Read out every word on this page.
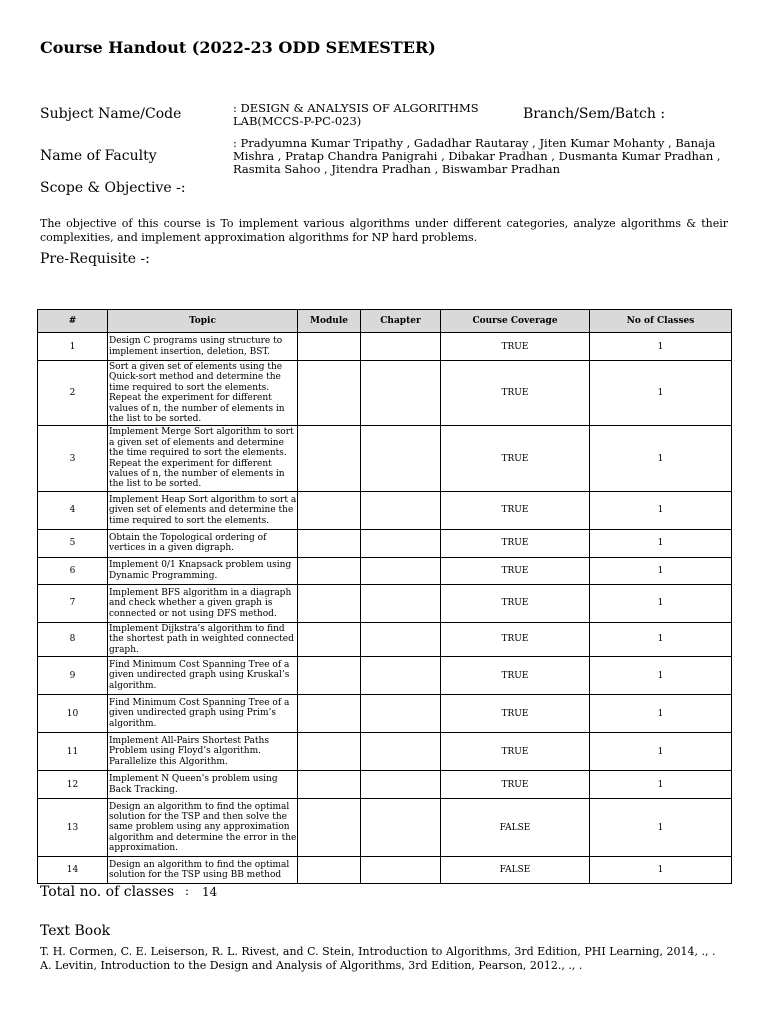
Course Handout (2022-23 ODD SEMESTER)
Subject Name/Code	: DESIGN & ANALYSIS OF ALGORITHMS LAB(MCCS-P-PC-023)	Branch/Sem/Batch :
Name of Faculty
: Pradyumna Kumar Tripathy , Gadadhar Rautaray , Jiten Kumar Mohanty , Banaja Mishra , Pratap Chandra Panigrahi , Dibakar Pradhan , Dusmanta Kumar Pradhan , Rasmita Sahoo , Jitendra Pradhan , Biswambar Pradhan
Scope & Objective -:
The objective of this course is To implement various algorithms under different categories, analyze algorithms & their complexities, and implement approximation algorithms for NP hard problems.
Pre-Requisite -:
#	Topic	Module	Chapter	Course Coverage	No of Classes
1	Design C programs using structure to implement insertion, deletion, BST.			TRUE	1
2	Sort a given set of elements using the Quick-sort method and determine the time required to sort the elements. Repeat the experiment for different values of n, the number of elements in the list to be sorted.			TRUE	1
3	Implement Merge Sort algorithm to sort a given set of elements and determine the time required to sort the elements. Repeat the experiment for different values of n, the number of elements in the list to be sorted.			TRUE	1
4	Implement Heap Sort algorithm to sort a given set of elements and determine the time required to sort the elements.			TRUE	1
5	Obtain the Topological ordering of vertices in a given digraph.			TRUE	1
6	Implement 0/1 Knapsack problem using Dynamic Programming.			TRUE	1
7	Implement BFS algorithm in a diagraph and check whether a given graph is connected or not using DFS method.			TRUE	1
8	Implement Dijkstra’s algorithm to find the shortest path in weighted connected graph.			TRUE	1
9	Find Minimum Cost Spanning Tree of a given undirected graph using Kruskal’s algorithm.			TRUE	1
10	Find Minimum Cost Spanning Tree of a given undirected graph using Prim’s algorithm.			TRUE	1
11	Implement All-Pairs Shortest Paths Problem using Floyd’s algorithm. Parallelize this Algorithm.			TRUE	1
12	Implement N Queen’s problem using Back Tracking.			TRUE	1
13	Design an algorithm to find the optimal solution for the TSP and then solve the same problem using any approximation algorithm and determine the error in the approximation.			FALSE	1
14	Design an algorithm to find the optimal solution for the TSP using BB method			FALSE	1
Total no. of classes : 14
Text Book
T. H. Cormen, C. E. Leiserson, R. L. Rivest, and C. Stein, Introduction to Algorithms, 3rd Edition, PHI Learning, 2014, ., .
A. Levitin, Introduction to the Design and Analysis of Algorithms, 3rd Edition, Pearson, 2012., ., .
